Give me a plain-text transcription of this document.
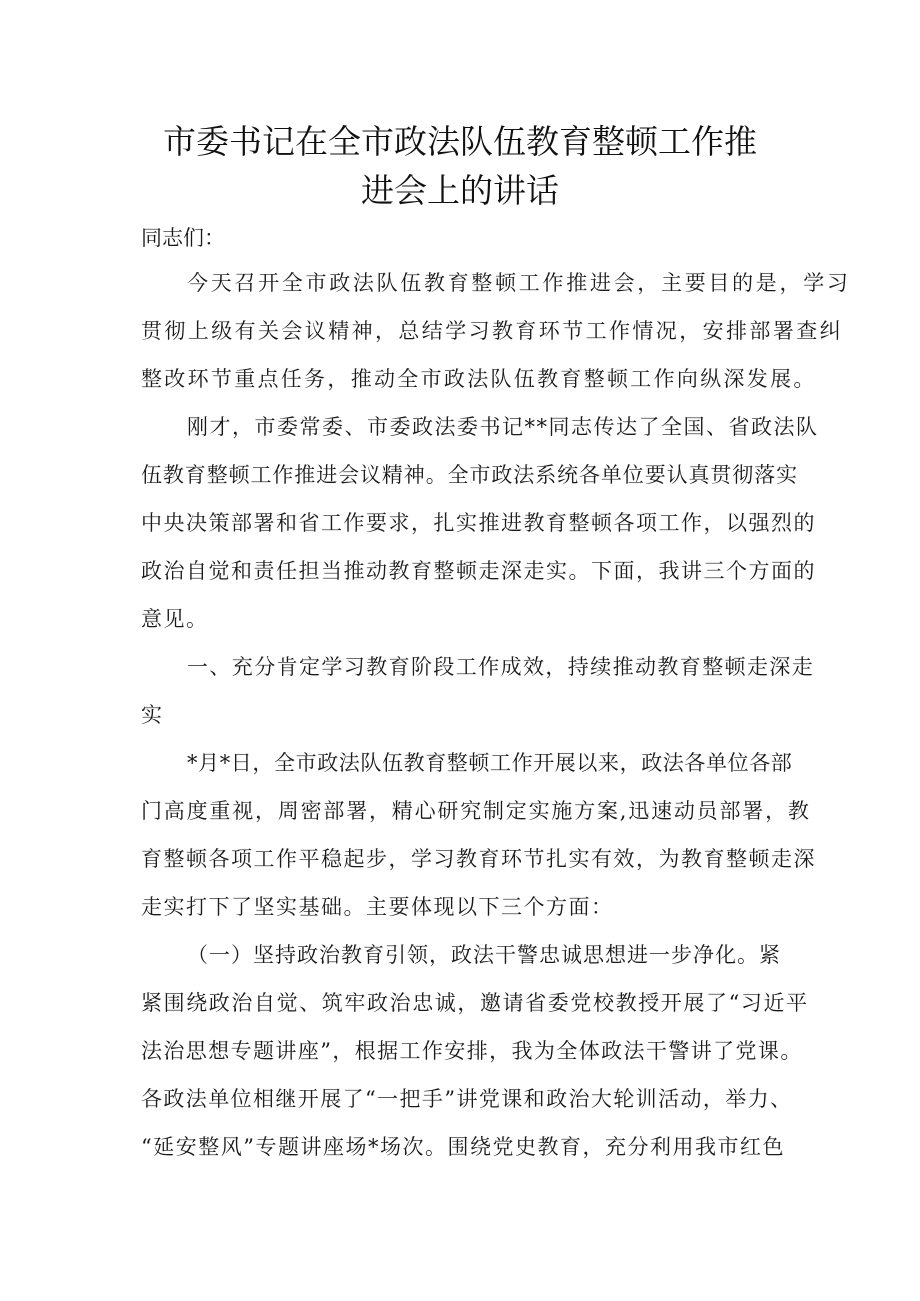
市委书记在全市政法队伍教育整顿工作推
进会上的讲话
同志们：
今天召开全市政法队伍教育整顿工作推进会，主要目的是，学习
贯彻上级有关会议精神，总结学习教育环节工作情况，安排部署查纠
整改环节重点任务，推动全市政法队伍教育整顿工作向纵深发展。
刚才，市委常委、市委政法委书记**同志传达了全国、省政法队
伍教育整顿工作推进会议精神。全市政法系统各单位要认真贯彻落实
中央决策部署和省工作要求，扎实推进教育整顿各项工作，以强烈的
政治自觉和责任担当推动教育整顿走深走实。下面，我讲三个方面的
意见。
一、充分肯定学习教育阶段工作成效，持续推动教育整顿走深走
实
*月*日，全市政法队伍教育整顿工作开展以来，政法各单位各部
门高度重视，周密部署，精心研究制定实施方案,迅速动员部署，教
育整顿各项工作平稳起步，学习教育环节扎实有效，为教育整顿走深
走实打下了坚实基础。主要体现以下三个方面：
（一）坚持政治教育引领，政法干警忠诚思想进一步净化。紧
紧围绕政治自觉、筑牢政治忠诚，邀请省委党校教授开展了“习近平
法治思想专题讲座”，根据工作安排，我为全体政法干警讲了党课。
各政法单位相继开展了“一把手”讲党课和政治大轮训活动，举力、
“延安整风”专题讲座场*场次。围绕党史教育，充分利用我市红色
